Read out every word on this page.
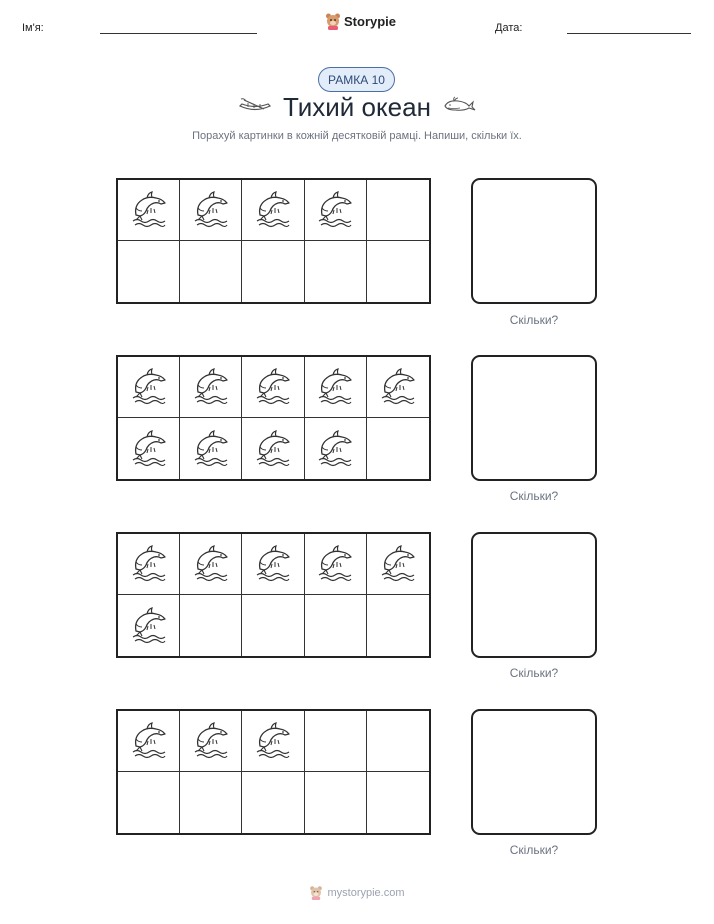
Ім'я:	Storypie	Дата:
РАМКА 10
Тихий океан
Порахуй картинки в кожній десятковій рамці. Напиши, скільки їх.
Скільки?
Скільки?
Скільки?
Скільки?
mystorypie.com
